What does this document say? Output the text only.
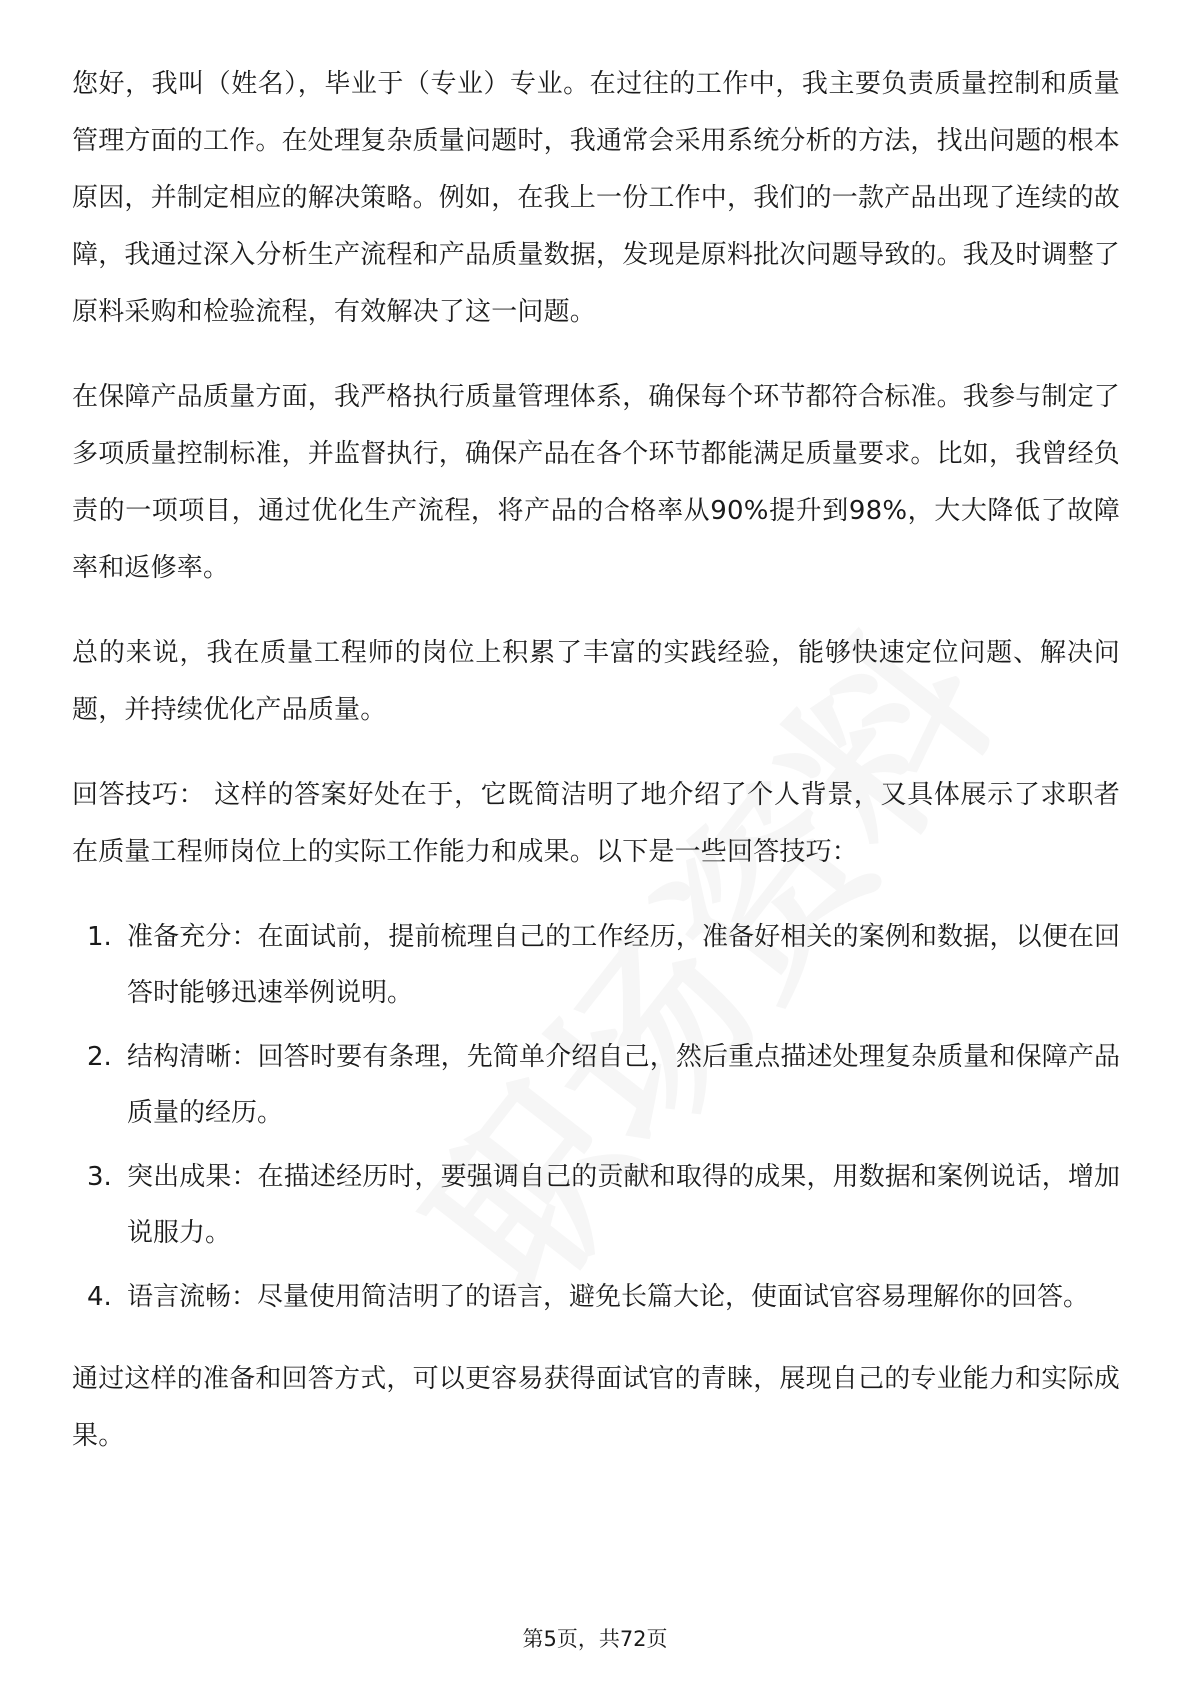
您好，我叫（姓名），毕业于（专业）专业。在过往的工作中，我主要负责质量控制和质量管理方面的工作。在处理复杂质量问题时，我通常会采用系统分析的方法，找出问题的根本原因，并制定相应的解决策略。例如，在我上一份工作中，我们的一款产品出现了连续的故障，我通过深入分析生产流程和产品质量数据，发现是原料批次问题导致的。我及时调整了原料采购和检验流程，有效解决了这一问题。

在保障产品质量方面，我严格执行质量管理体系，确保每个环节都符合标准。我参与制定了多项质量控制标准，并监督执行，确保产品在各个环节都能满足质量要求。比如，我曾经负责的一项项目，通过优化生产流程，将产品的合格率从90%提升到98%，大大降低了故障率和返修率。

总的来说，我在质量工程师的岗位上积累了丰富的实践经验，能够快速定位问题、解决问题，并持续优化产品质量。

回答技巧： 这样的答案好处在于，它既简洁明了地介绍了个人背景，又具体展示了求职者在质量工程师岗位上的实际工作能力和成果。以下是一些回答技巧：

1. 准备充分：在面试前，提前梳理自己的工作经历，准备好相关的案例和数据，以便在回答时能够迅速举例说明。
2. 结构清晰：回答时要有条理，先简单介绍自己，然后重点描述处理复杂质量和保障产品质量的经历。
3. 突出成果：在描述经历时，要强调自己的贡献和取得的成果，用数据和案例说话，增加说服力。
4. 语言流畅：尽量使用简洁明了的语言，避免长篇大论，使面试官容易理解你的回答。

通过这样的准备和回答方式，可以更容易获得面试官的青睐，展现自己的专业能力和实际成果。

第5页，共72页
